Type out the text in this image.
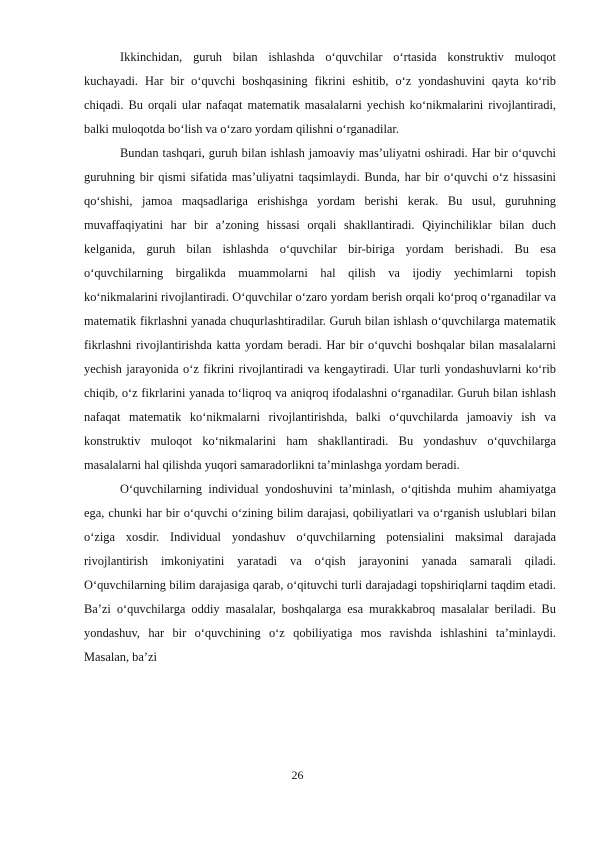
Ikkinchidan, guruh bilan ishlashda o‘quvchilar o‘rtasida konstruktiv muloqot kuchayadi. Har bir o‘quvchi boshqasining fikrini eshitib, o‘z yondashuvini qayta ko‘rib chiqadi. Bu orqali ular nafaqat matematik masalalarni yechish ko‘nikmalarini rivojlantiradi, balki muloqotda bo‘lish va o‘zaro yordam qilishni o‘rganadilar.

Bundan tashqari, guruh bilan ishlash jamoaviy mas’uliyatni oshiradi. Har bir o‘quvchi guruhning bir qismi sifatida mas’uliyatni taqsimlaydi. Bunda, har bir o‘quvchi o‘z hissasini qo‘shishi, jamoa maqsadlariga erishishga yordam berishi kerak. Bu usul, guruhning muvaffaqiyatini har bir a’zoning hissasi orqali shakllantiradi. Qiyinchiliklar bilan duch kelganida, guruh bilan ishlashda o‘quvchilar bir-biriga yordam berishadi. Bu esa o‘quvchilarning birgalikda muammolarni hal qilish va ijodiy yechimlarni topish ko‘nikmalarini rivojlantiradi. O‘quvchilar o‘zaro yordam berish orqali ko‘proq o‘rganadilar va matematik fikrlashni yanada chuqurlashtiradilar. Guruh bilan ishlash o‘quvchilarga matematik fikrlashni rivojlantirishda katta yordam beradi. Har bir o‘quvchi boshqalar bilan masalalarni yechish jarayonida o‘z fikrini rivojlantiradi va kengaytiradi. Ular turli yondashuvlarni ko‘rib chiqib, o‘z fikrlarini yanada to‘liqroq va aniqroq ifodalashni o‘rganadilar. Guruh bilan ishlash nafaqat matematik ko‘nikmalarni rivojlantirishda, balki o‘quvchilarda jamoaviy ish va konstruktiv muloqot ko‘nikmalarini ham shakllantiradi. Bu yondashuv o‘quvchilarga masalalarni hal qilishda yuqori samaradorlikni ta’minlashga yordam beradi.

O‘quvchilarning individual yondoshuvini ta’minlash, o‘qitishda muhim ahamiyatga ega, chunki har bir o‘quvchi o‘zining bilim darajasi, qobiliyatlari va o‘rganish uslublari bilan o‘ziga xosdir. Individual yondashuv o‘quvchilarning potensialini maksimal darajada rivojlantirish imkoniyatini yaratadi va o‘qish jarayonini yanada samarali qiladi. O‘quvchilarning bilim darajasiga qarab, o‘qituvchi turli darajadagi topshiriqlarni taqdim etadi. Ba’zi o‘quvchilarga oddiy masalalar, boshqalarga esa murakkabroq masalalar beriladi. Bu yondashuv, har bir o‘quvchining o‘z qobiliyatiga mos ravishda ishlashini ta’minlaydi. Masalan, ba’zi

26
